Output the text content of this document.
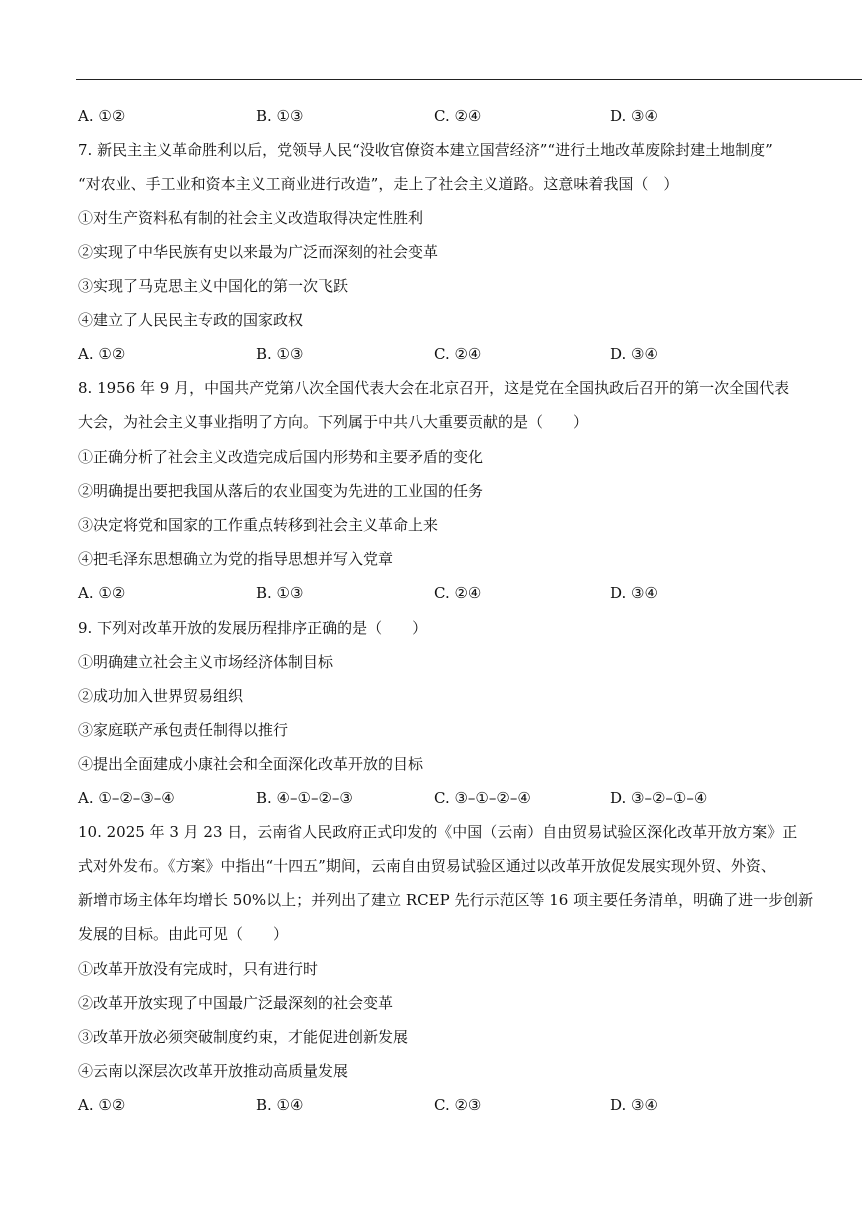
A. ①②	B. ①③	C. ②④	D. ③④
7. 新民主主义革命胜利以后，党领导人民“没收官僚资本建立国营经济”“进行土地改革废除封建土地制度”
“对农业、手工业和资本主义工商业进行改造”，走上了社会主义道路。这意味着我国（　）
①对生产资料私有制的社会主义改造取得决定性胜利
②实现了中华民族有史以来最为广泛而深刻的社会变革
③实现了马克思主义中国化的第一次飞跃
④建立了人民民主专政的国家政权
A. ①②	B. ①③	C. ②④	D. ③④
8. 1956 年 9 月，中国共产党第八次全国代表大会在北京召开，这是党在全国执政后召开的第一次全国代表
大会，为社会主义事业指明了方向。下列属于中共八大重要贡献的是（　　）
①正确分析了社会主义改造完成后国内形势和主要矛盾的变化
②明确提出要把我国从落后的农业国变为先进的工业国的任务
③决定将党和国家的工作重点转移到社会主义革命上来
④把毛泽东思想确立为党的指导思想并写入党章
A. ①②	B. ①③	C. ②④	D. ③④
9. 下列对改革开放的发展历程排序正确的是（　　）
①明确建立社会主义市场经济体制目标
②成功加入世界贸易组织
③家庭联产承包责任制得以推行
④提出全面建成小康社会和全面深化改革开放的目标
A. ①–②–③–④	B. ④–①–②–③	C. ③–①–②–④	D. ③–②–①–④
10. 2025 年 3 月 23 日，云南省人民政府正式印发的《中国（云南）自由贸易试验区深化改革开放方案》正
式对外发布。《方案》中指出“十四五”期间，云南自由贸易试验区通过以改革开放促发展实现外贸、外资、
新增市场主体年均增长 50%以上；并列出了建立 RCEP 先行示范区等 16 项主要任务清单，明确了进一步创新
发展的目标。由此可见（　　）
①改革开放没有完成时，只有进行时
②改革开放实现了中国最广泛最深刻的社会变革
③改革开放必须突破制度约束，才能促进创新发展
④云南以深层次改革开放推动高质量发展
A. ①②	B. ①④	C. ②③	D. ③④
